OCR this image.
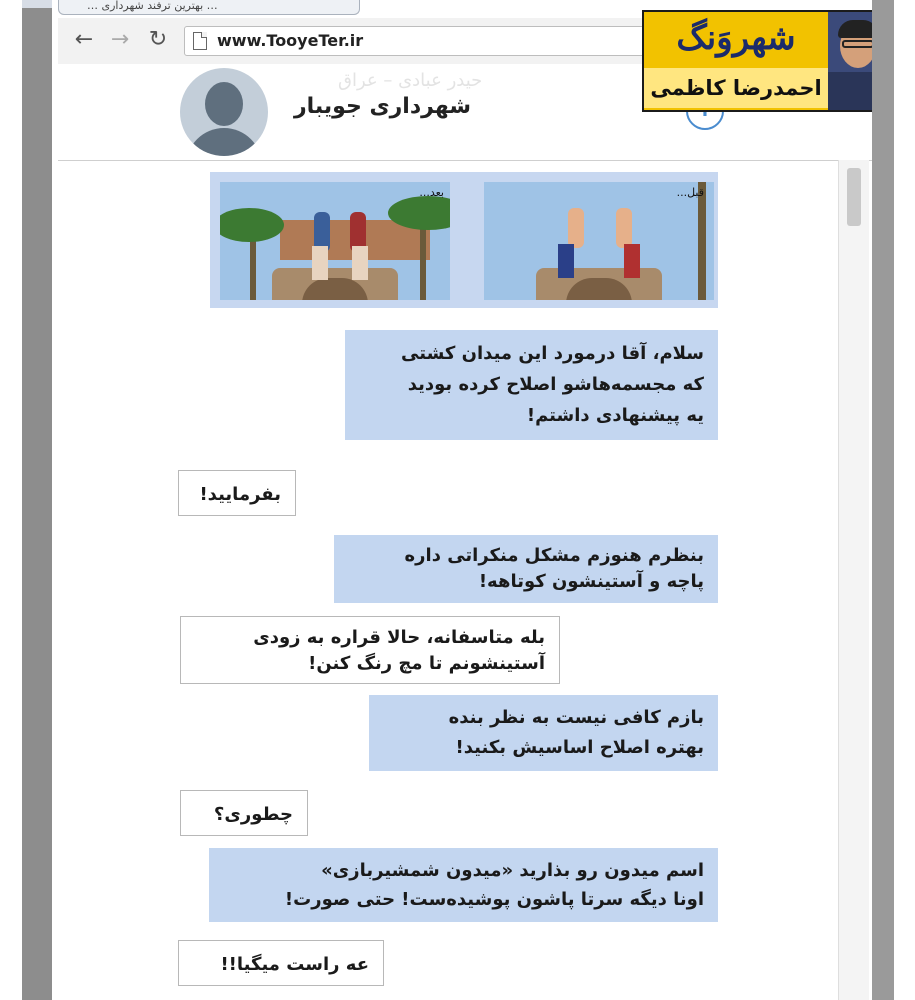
… بهترین ترفند شهرداری …
← → ↻	www.TooyeTer.ir
حیدر عبادی – عراق
شهرداری جویبار
شهروَنگ
احمدرضا کاظمی
بعد...	قبل...
سلام، آقا درمورد این میدان کشتی
که مجسمه‌هاشو اصلاح کرده بودید
یه پیشنهادی داشتم!
بفرمایید!
بنظرم هنوزم مشکل منکراتی داره
پاچه و آستینشون کوتاهه!
بله متاسفانه، حالا قراره به زودی
آستینشونم تا مچ رنگ کنن!
بازم کافی نیست به نظر بنده
بهتره اصلاح اساسیش بکنید!
چطوری؟
اسم میدون رو بذارید «میدون شمشیربازی»
اونا دیگه سرتا پاشون پوشیده‌ست! حتی صورت!
عه راست میگیا!!
